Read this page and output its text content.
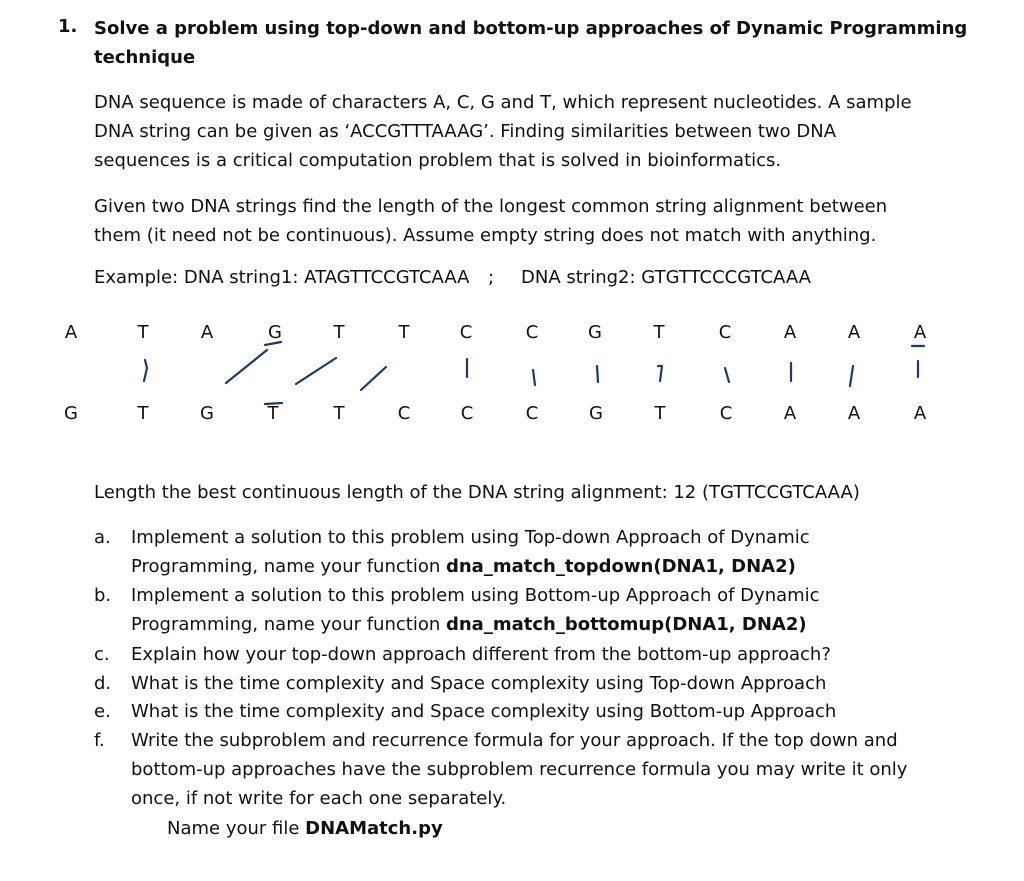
1. Solve a problem using top-down and bottom-up approaches of Dynamic Programming
technique
DNA sequence is made of characters A, C, G and T, which represent nucleotides. A sample
DNA string can be given as ‘ACCGTTTAAAG’. Finding similarities between two DNA
sequences is a critical computation problem that is solved in bioinformatics.
Given two DNA strings find the length of the longest common string alignment between
them (it need not be continuous). Assume empty string does not match with anything.
Example: DNA string1: ATAGTTCCGTCAAA ; DNA string2: GTGTTCCCGTCAAA
A	T	A	G	T	T	C	C	G	T	C	A	A	A
G	T	G	T	T	C	C	C	G	T	C	A	A	A
Length the best continuous length of the DNA string alignment: 12 (TGTTCCGTCAAA)
a. Implement a solution to this problem using Top-down Approach of Dynamic
Programming, name your function dna_match_topdown(DNA1, DNA2)
b. Implement a solution to this problem using Bottom-up Approach of Dynamic
Programming, name your function dna_match_bottomup(DNA1, DNA2)
c. Explain how your top-down approach different from the bottom-up approach?
d. What is the time complexity and Space complexity using Top-down Approach
e. What is the time complexity and Space complexity using Bottom-up Approach
f. Write the subproblem and recurrence formula for your approach. If the top down and
bottom-up approaches have the subproblem recurrence formula you may write it only
once, if not write for each one separately.
Name your file DNAMatch.py
